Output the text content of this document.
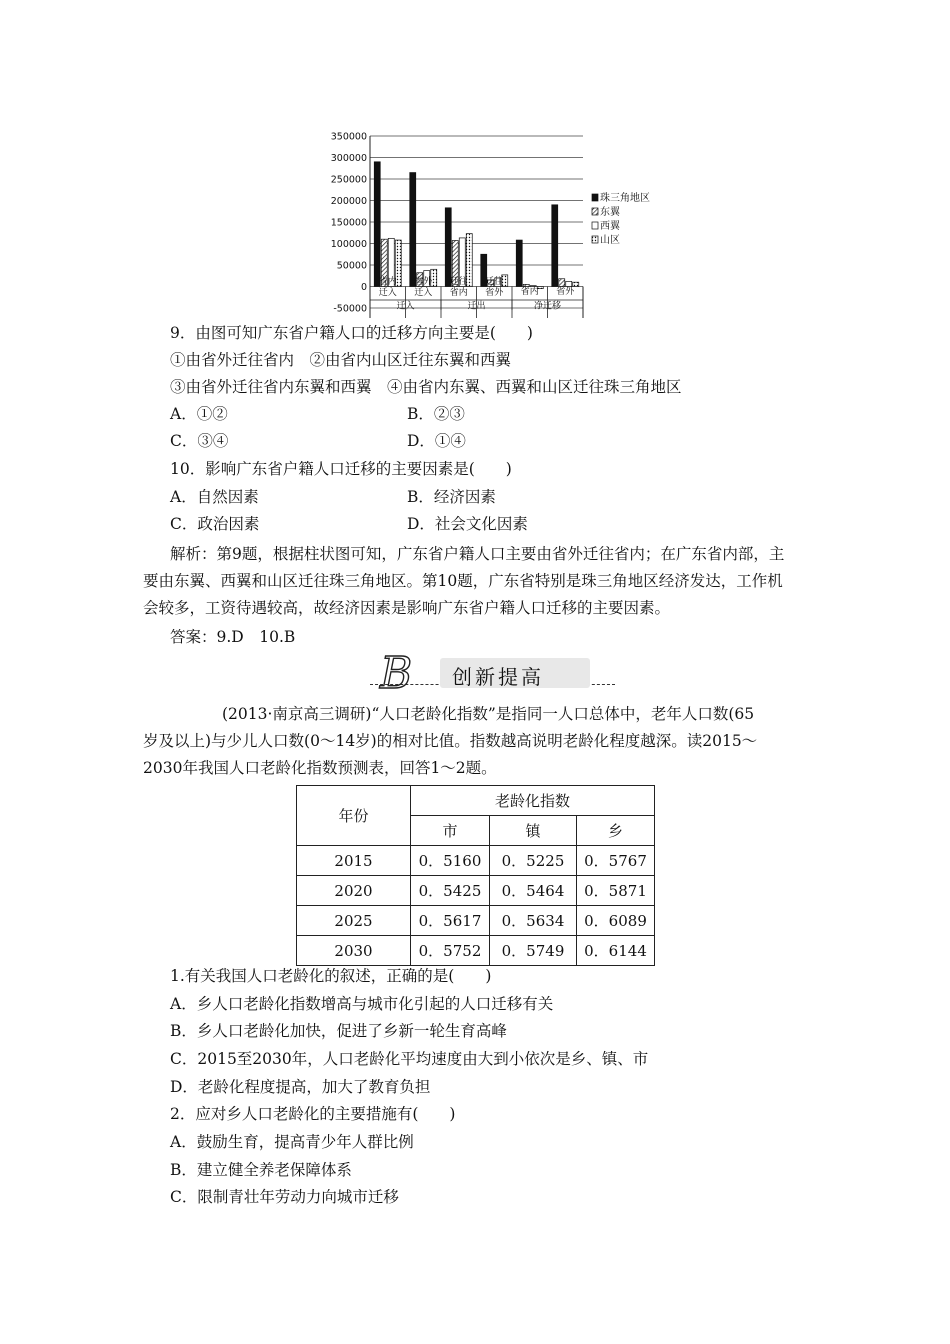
350000
300000
250000
200000
150000
100000
50000
0
-50000
省内
迁入
省外
迁入
迁往
省内
迁往
省外 省内 省外
迁入	迁出	净迁移
珠三角地区
东翼
西翼
山区
9．由图可知广东省户籍人口的迁移方向主要是(　　)
①由省外迁往省内　②由省内山区迁往东翼和西翼
③由省外迁往省内东翼和西翼　④由省内东翼、西翼和山区迁往珠三角地区
A．①②	B．②③
C．③④	D．①④
10．影响广东省户籍人口迁移的主要因素是(　　)
A．自然因素	B．经济因素
C．政治因素	D．社会文化因素
解析：第9题，根据柱状图可知，广东省户籍人口主要由省外迁往省内；在广东省内部，主
要由东翼、西翼和山区迁往珠三角地区。第10题，广东省特别是珠三角地区经济发达，工作机
会较多，工资待遇较高，故经济因素是影响广东省户籍人口迁移的主要因素。
答案：9.D　10.B
B 创新提高
(2013·南京高三调研)“人口老龄化指数”是指同一人口总体中，老年人口数(65
岁及以上)与少儿人口数(0～14岁)的相对比值。指数越高说明老龄化程度越深。读2015～
2030年我国人口老龄化指数预测表，回答1～2题。
年份	老龄化指数		
	市	镇	乡
2015	0．5160	0．5225	0．5767
2020	0．5425	0．5464	0．5871
2025	0．5617	0．5634	0．6089
2030	0．5752	0．5749	0．6144
1.有关我国人口老龄化的叙述，正确的是(　　)
A．乡人口老龄化指数增高与城市化引起的人口迁移有关
B．乡人口老龄化加快，促进了乡新一轮生育高峰
C．2015至2030年，人口老龄化平均速度由大到小依次是乡、镇、市
D．老龄化程度提高，加大了教育负担
2．应对乡人口老龄化的主要措施有(　　)
A．鼓励生育，提高青少年人群比例
B．建立健全养老保障体系
C．限制青壮年劳动力向城市迁移
